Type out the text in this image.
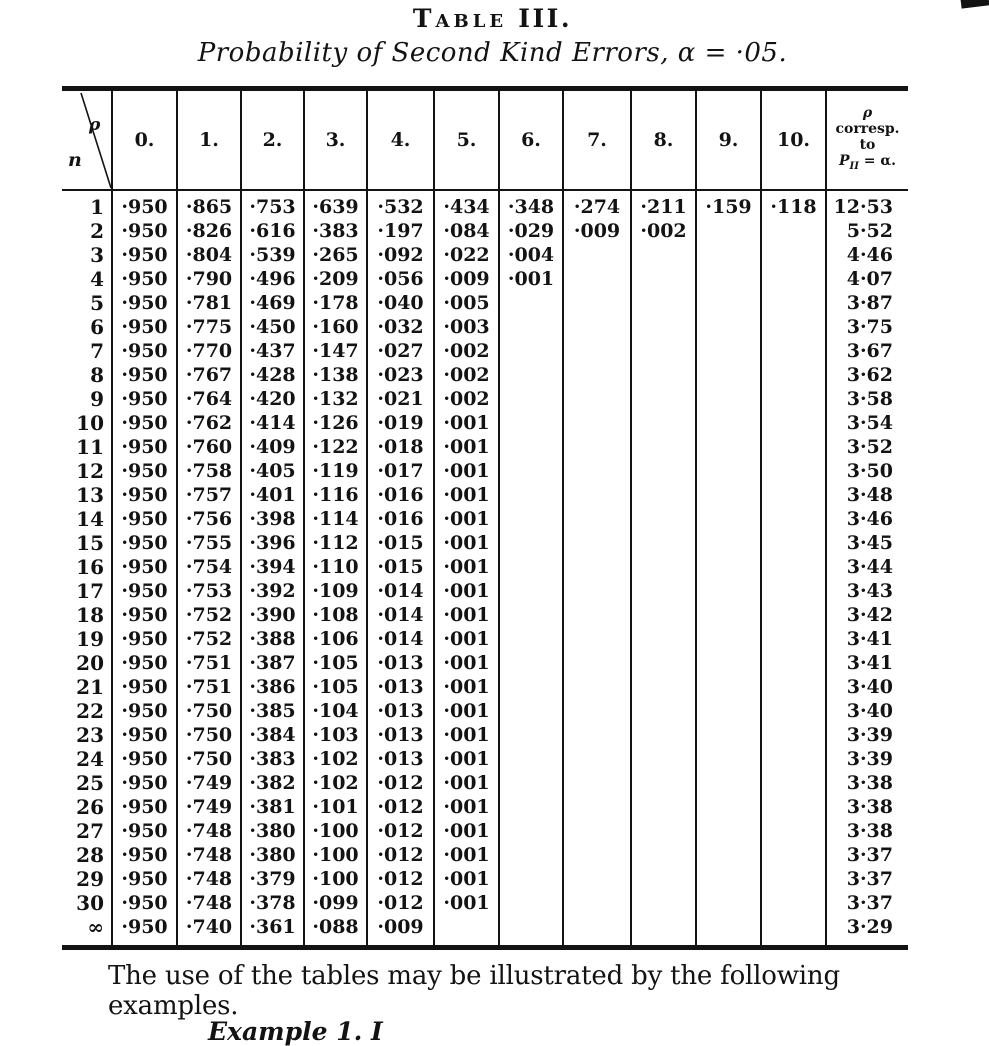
Table III.
Probability of Second Kind Errors, α = ·05.
ρ
n	0.	1.	2.	3.	4.	5.	6.	7.	8.	9.	10.	ρ
corresp.
to
$P_{II} = \alpha$.
1	·950	·865	·753	·639	·532	·434	·348	·274	·211	·159	·118	12·53
2	·950	·826	·616	·383	·197	·084	·029	·009	·002			5·52
3	·950	·804	·539	·265	·092	·022	·004					4·46
4	·950	·790	·496	·209	·056	·009	·001					4·07
5	·950	·781	·469	·178	·040	·005						3·87
6	·950	·775	·450	·160	·032	·003						3·75
7	·950	·770	·437	·147	·027	·002						3·67
8	·950	·767	·428	·138	·023	·002						3·62
9	·950	·764	·420	·132	·021	·002						3·58
10	·950	·762	·414	·126	·019	·001						3·54
11	·950	·760	·409	·122	·018	·001						3·52
12	·950	·758	·405	·119	·017	·001						3·50
13	·950	·757	·401	·116	·016	·001						3·48
14	·950	·756	·398	·114	·016	·001						3·46
15	·950	·755	·396	·112	·015	·001						3·45
16	·950	·754	·394	·110	·015	·001						3·44
17	·950	·753	·392	·109	·014	·001						3·43
18	·950	·752	·390	·108	·014	·001						3·42
19	·950	·752	·388	·106	·014	·001						3·41
20	·950	·751	·387	·105	·013	·001						3·41
21	·950	·751	·386	·105	·013	·001						3·40
22	·950	·750	·385	·104	·013	·001						3·40
23	·950	·750	·384	·103	·013	·001						3·39
24	·950	·750	·383	·102	·013	·001						3·39
25	·950	·749	·382	·102	·012	·001						3·38
26	·950	·749	·381	·101	·012	·001						3·38
27	·950	·748	·380	·100	·012	·001						3·38
28	·950	·748	·380	·100	·012	·001						3·37
29	·950	·748	·379	·100	·012	·001						3·37
30	·950	·748	·378	·099	·012	·001						3·37
∞	·950	·740	·361	·088	·009							3·29
The use of the tables may be illustrated by the following examples.
Example 1. I
